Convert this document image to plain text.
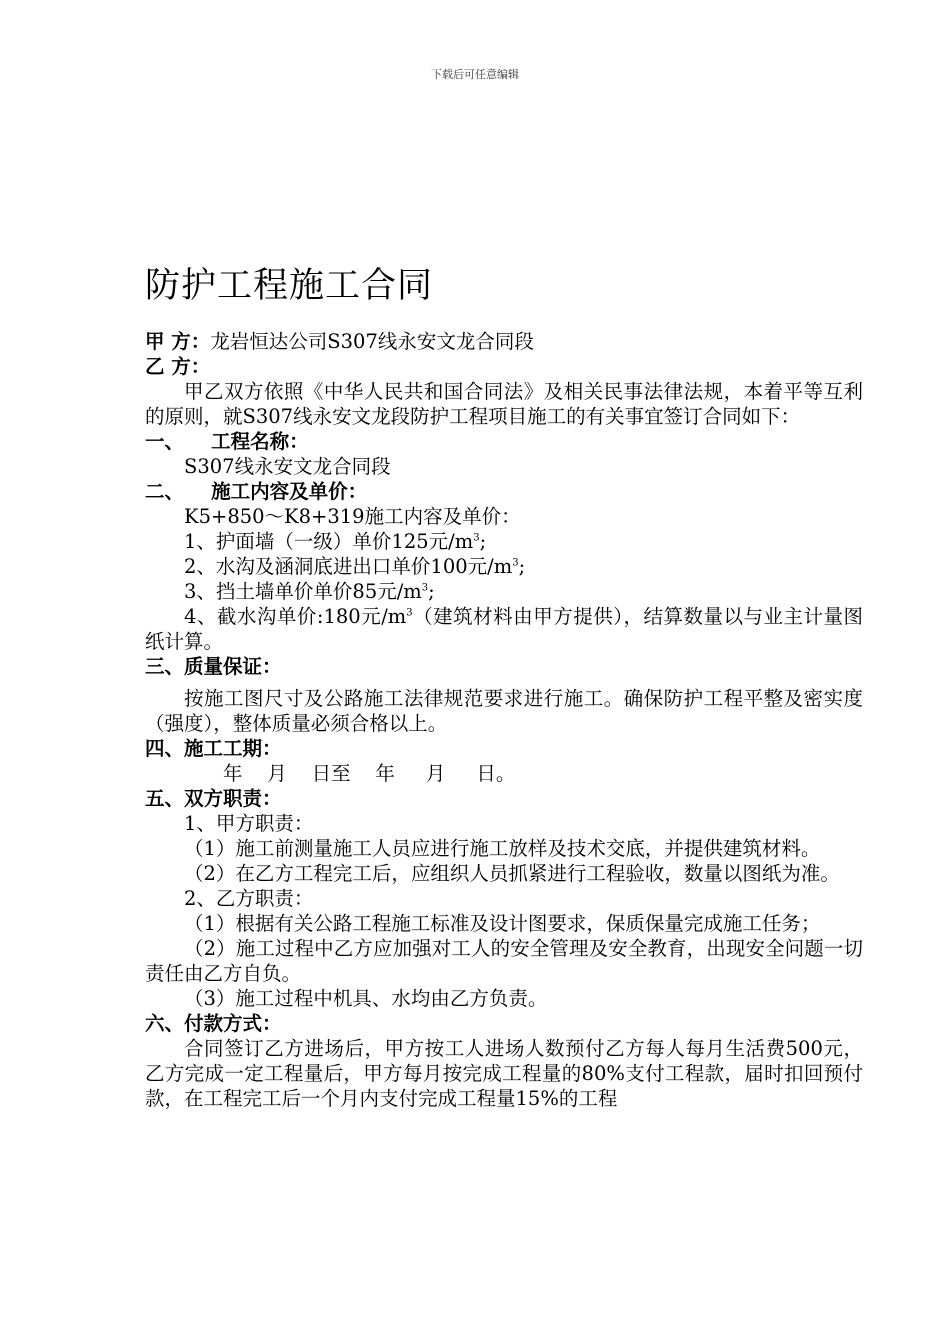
下载后可任意编辑
防护工程施工合同
甲 方：龙岩恒达公司S307线永安文龙合同段
乙 方：
甲乙双方依照《中华人民共和国合同法》及相关民事法律法规，本着平等互利的原则，就S307线永安文龙段防护工程项目施工的有关事宜签订合同如下：
一、    工程名称：
S307线永安文龙合同段
二、    施工内容及单价：
K5+850～K8+319施工内容及单价：
1、护面墙（一级）单价125元$/m^3$;
2、水沟及涵洞底进出口单价100元$/m^3$;
3、挡土墙单价单价85元$/m^3$;
4、截水沟单价:180元$/m^3$（建筑材料由甲方提供），结算数量以与业主计量图纸计算。
三、质量保证：
按施工图尺寸及公路施工法律规范要求进行施工。确保防护工程平整及密实度（强度），整体质量必须合格以上。
四、施工工期：
年    月    日至    年     月     日。
五、双方职责：
1、甲方职责：
（1）施工前测量施工人员应进行施工放样及技术交底，并提供建筑材料。
（2）在乙方工程完工后，应组织人员抓紧进行工程验收，数量以图纸为准。
2、乙方职责：
（1）根据有关公路工程施工标准及设计图要求，保质保量完成施工任务；
（2）施工过程中乙方应加强对工人的安全管理及安全教育，出现安全问题一切责任由乙方自负。
（3）施工过程中机具、水均由乙方负责。
六、付款方式：
合同签订乙方进场后，甲方按工人进场人数预付乙方每人每月生活费500元，乙方完成一定工程量后，甲方每月按完成工程量的80%支付工程款，届时扣回预付款，在工程完工后一个月内支付完成工程量15%的工程
